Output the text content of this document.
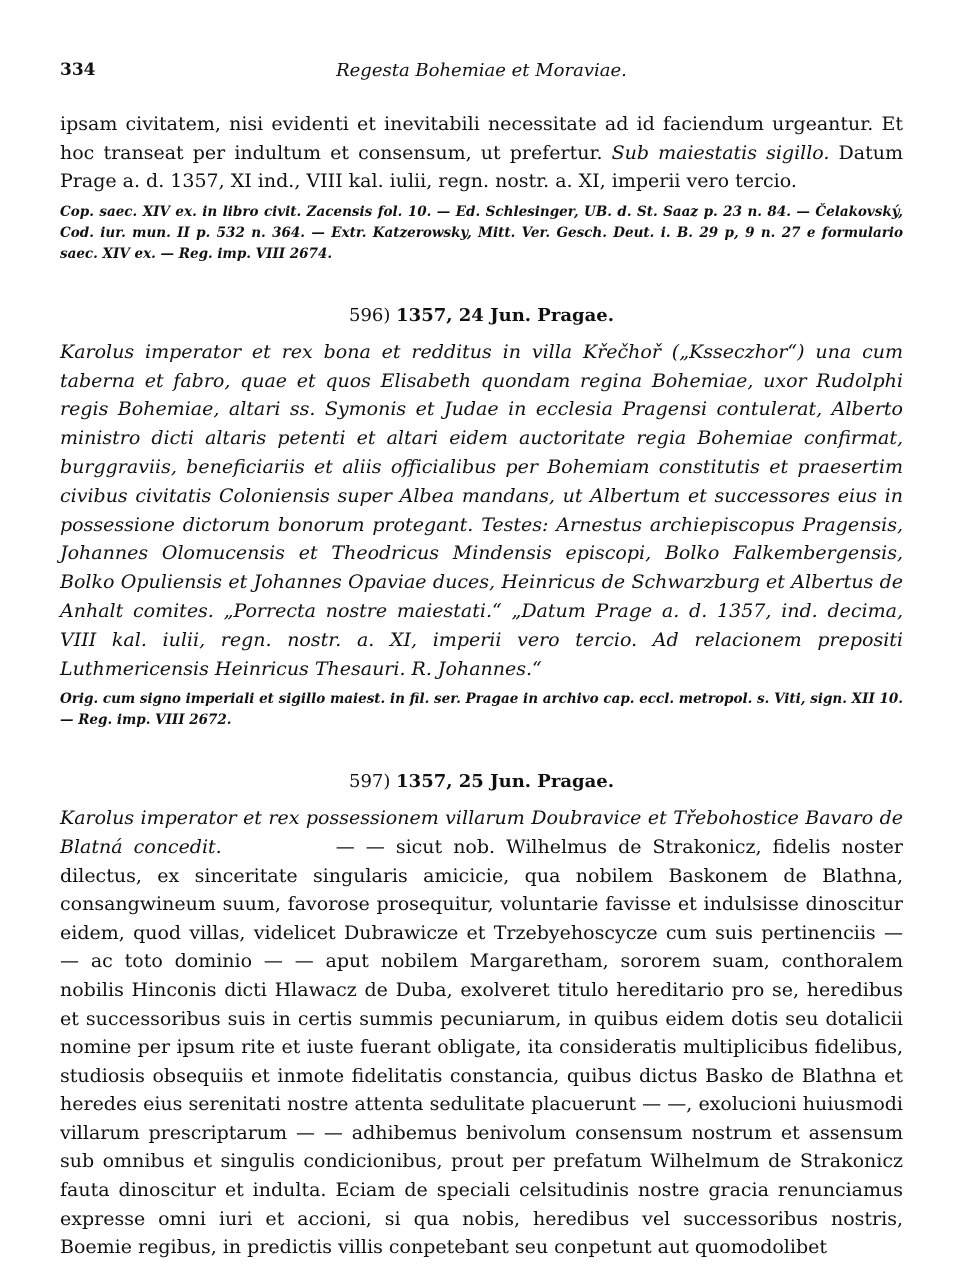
334	Regesta Bohemiae et Moraviae.

ipsam civitatem, nisi evidenti et inevitabili necessitate ad id faciendum urgeantur. Et hoc transeat per indultum et consensum, ut prefertur. Sub maiestatis sigillo. Datum Prage a. d. 1357, XI ind., VIII kal. iulii, regn. nostr. a. XI, imperii vero tercio.

Cop. saec. XIV ex. in libro civit. Zacensis fol. 10. — Ed. Schlesinger, UB. d. St. Saaz p. 23 n. 84. — Čelakovský, Cod. iur. mun. II p. 532 n. 364. — Extr. Katzerowsky, Mitt. Ver. Gesch. Deut. i. B. 29 p, 9 n. 27 e formulario saec. XIV ex. — Reg. imp. VIII 2674.

596) 1357, 24 Jun. Pragae.

Karolus imperator et rex bona et redditus in villa Křečhoř („Ksseczhor“) una cum taberna et fabro, quae et quos Elisabeth quondam regina Bohemiae, uxor Rudolphi regis Bohemiae, altari ss. Symonis et Judae in ecclesia Pragensi contulerat, Alberto ministro dicti altaris petenti et altari eidem auctoritate regia Bohemiae confirmat, burggraviis, beneficiariis et aliis officialibus per Bohemiam constitutis et praesertim civibus civitatis Coloniensis super Albea mandans, ut Albertum et successores eius in possessione dictorum bonorum protegant. Testes: Arnestus archiepiscopus Pragensis, Johannes Olomucensis et Theodricus Mindensis episcopi, Bolko Falkembergensis, Bolko Opuliensis et Johannes Opaviae duces, Heinricus de Schwarzburg et Albertus de Anhalt comites. „Porrecta nostre maiestati.“ „Datum Prage a. d. 1357, ind. decima, VIII kal. iulii, regn. nostr. a. XI, imperii vero tercio. Ad relacionem prepositi Luthmericensis Heinricus Thesauri. R. Johannes.“

Orig. cum signo imperiali et sigillo maiest. in fil. ser. Pragae in archivo cap. eccl. metropol. s. Viti, sign. XII 10. — Reg. imp. VIII 2672.

597) 1357, 25 Jun. Pragae.

Karolus imperator et rex possessionem villarum Doubravice et Třebohostice Bavaro de Blatná concedit.      	— — sicut nob. Wilhelmus de Strakonicz, fidelis noster dilectus, ex sinceritate singularis amicicie, qua nobilem Baskonem de Blathna, consangwineum suum, favorose prosequitur, voluntarie favisse et indulsisse dinoscitur eidem, quod villas, videlicet Dubrawicze et Trzebyehoscycze cum suis pertinenciis — — ac toto dominio — — aput nobilem Margaretham, sororem suam, conthoralem nobilis Hinconis dicti Hlawacz de Duba, exolveret titulo hereditario pro se, heredibus et successoribus suis in certis summis pecuniarum, in quibus eidem dotis seu dotalicii nomine per ipsum rite et iuste fuerant obligate, ita consideratis multiplicibus fidelibus, studiosis obsequiis et inmote fidelitatis constancia, quibus dictus Basko de Blathna et heredes eius serenitati nostre attenta sedulitate placuerunt — —, exolucioni huiusmodi villarum prescriptarum — — adhibemus benivolum consensum nostrum et assensum sub omnibus et singulis condicionibus, prout per prefatum Wilhelmum de Strakonicz fauta dinoscitur et indulta. Eciam de speciali celsitudinis nostre gracia renunciamus expresse omni iuri et accioni, si qua nobis, heredibus vel successoribus nostris, Boemie regibus, in predictis villis conpetebant seu conpetunt aut quomodolibet
